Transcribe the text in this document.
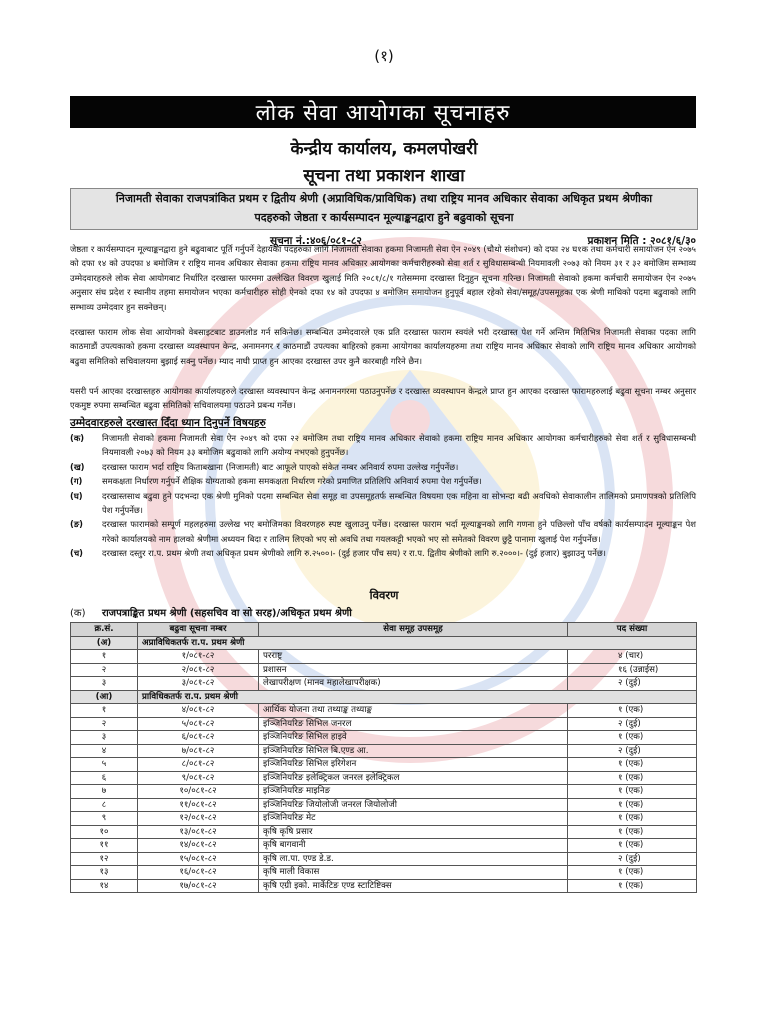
(१)
लोक सेवा आयोगका सूचनाहरु
केन्द्रीय कार्यालय, कमलपोखरी
सूचना तथा प्रकाशन शाखा
निजामती सेवाका राजपत्रांकित प्रथम र द्वितीय श्रेणी (अप्राविधिक/प्राविधिक) तथा राष्ट्रिय मानव अधिकार सेवाका अधिकृत प्रथम श्रेणीका
पदहरुको जेष्ठता र कार्यसम्पादन मूल्याङ्कनद्वारा हुने बढुवाको सूचना
सूचना नं.:४०६/०८१-८२	प्रकाशन मिति : २०८१/६/३०
जेष्ठता र कार्यसम्पादन मूल्याङ्कनद्वारा हुने बढुवाबाट पूर्ति गर्नुपर्ने देहायका पदहरुका लागि निजामती सेवाका हकमा निजामती सेवा ऐन २०४९ (चौथो संशोधन) को दफा २४ घ१क तथा कर्मचारी समायोजन ऐन २०७५ को दफा १४ को उपदफा ४ बमोजिम र राष्ट्रिय मानव अधिकार सेवाका हकमा राष्ट्रिय मानव अधिकार आयोगका कर्मचारीहरुको सेवा शर्त र सुविधासम्बन्धी नियमावली २०७३ को नियम ३१ र ३२ बमोजिम सम्भाव्य उम्मेदवारहरुले लोक सेवा आयोगबाट निर्धारित दरखास्त फारममा उल्लेखित विवरण खुलाई मिति २०८१/८/१ गतेसम्ममा दरखास्त दिनुहुन सूचना गरिन्छ। निजामती सेवाको हकमा कर्मचारी समायोजन ऐन २०७५ अनुसार संघ प्रदेश र स्थानीय तहमा समायोजन भएका कर्मचारीहरु सोही ऐनको दफा १४ को उपदफा ४ बमोजिम समायोजन हुनुपूर्व बहाल रहेको सेवा/समूह/उपसमूहका एक श्रेणी माथिको पदमा बढुवाको लागि सम्भाव्य उम्मेदवार हुन सक्नेछन्।
दरखास्त फाराम लोक सेवा आयोगको वेबसाइटबाट डाउनलोड गर्न सकिनेछ। सम्बन्धित उम्मेदवारले एक प्रति दरखास्त फाराम स्वयंले भरी दरखास्त पेश गर्ने अन्तिम मितिभित्र निजामती सेवाका पदका लागि काठमाडौं उपत्यकाको हकमा दरखास्त व्यवस्थापन केन्द्र, अनामनगर र काठमाडौं उपत्यका बाहिरको हकमा आयोगका कार्यालयहरुमा तथा राष्ट्रिय मानव अधिकार सेवाको लागि राष्ट्रिय मानव अधिकार आयोगको बढुवा समितिको सचिवालयमा बुझाई सक्नु पर्नेछ। म्याद नाघी प्राप्त हुन आएका दरखास्त उपर कुनै कारबाही गरिने छैन।
यसरी पर्न आएका दरखास्तहरु आयोगका कार्यालयहरुले दरखास्त व्यवस्थापन केन्द्र अनामनगरमा पठाउनुपर्नेछ र दरखास्त व्यवस्थापन केन्द्रले प्राप्त हुन आएका दरखास्त फारामहरुलाई बढुवा सूचना नम्बर अनुसार एकमुष्ट रुपमा सम्बन्धित बढुवा समितिको सचिवालयमा पठाउने प्रबन्ध गर्नेछ।
उम्मेदवारहरुले दरखास्त दिँदा ध्यान दिनुपर्ने विषयहरु
(क)	निजामती सेवाको हकमा निजामती सेवा ऐन २०४९ को दफा २२ बमोजिम तथा राष्ट्रिय मानव अधिकार सेवाको हकमा राष्ट्रिय मानव अधिकार आयोगका कर्मचारीहरुको सेवा शर्त र सुविधासम्बन्धी नियमावली २०७३ को नियम ३३ बमोजिम बढुवाको लागि अयोग्य नभएको हुनुपर्नेछ।
(ख)	दरखास्त फाराम भर्दा राष्ट्रिय किताबखाना (निजामती) बाट आफूले पाएको संकेत नम्बर अनिवार्य रुपमा उल्लेख गर्नुपर्नेछ।
(ग)	समकक्षता निर्धारण गर्नुपर्ने शैक्षिक योग्यताको हकमा समकक्षता निर्धारण गरेको प्रमाणित प्रतिलिपि अनिवार्य रुपमा पेश गर्नुपर्नेछ।
(घ)	दरखास्तसाथ बढुवा हुने पदभन्दा एक श्रेणी मुनिको पदमा सम्बन्धित सेवा समूह वा उपसमूहतर्फ सम्बन्धित विषयमा एक महिना वा सोभन्दा बढी अवधिको सेवाकालीन तालिमको प्रमाणपत्रको प्रतिलिपि पेश गर्नुपर्नेछ।
(ङ)	दरखास्त फारामको सम्पूर्ण महलहरुमा उल्लेख भए बमोजिमका विवरणहरु स्पष्ट खुलाउनु पर्नेछ। दरखास्त फाराम भर्दा मूल्याङ्कनको लागि गणना हुने पछिल्लो पाँच वर्षको कार्यसम्पादन मूल्याङ्कन पेश गरेको कार्यालयको नाम हालको श्रेणीमा अध्ययन बिदा र तालिम लिएको भए सो अवधि तथा गयलकट्टी भएको भए सो समेतको विवरण छुट्टै पानामा खुलाई पेश गर्नुपर्नेछ।
(च)	दरखास्त दस्तुर रा.प. प्रथम श्रेणी तथा अधिकृत प्रथम श्रेणीको लागि रु.२५००।- (दुई हजार पाँच सय) र रा.प. द्वितीय श्रेणीको लागि रु.२०००।- (दुई हजार) बुझाउनु पर्नेछ।
विवरण
(क) राजपत्राङ्कित प्रथम श्रेणी (सहसचिव वा सो सरह)/अधिकृत प्रथम श्रेणी
क्र.सं.	बढुवा सूचना नम्बर	सेवा समूह उपसमूह	पद संख्या
(अ)	अप्राविधिकतर्फ रा.प. प्रथम श्रेणी		
१	१/०८१-८२	परराष्ट्र	४ (चार)
२	२/०८१-८२	प्रशासन	१६ (उन्नाईस)
३	३/०८१-८२	लेखापरीक्षण (मानव महालेखापरीक्षक)	२ (दुई)
(आ)	प्राविधिकतर्फ रा.प. प्रथम श्रेणी		
१	४/०८१-८२	आर्थिक योजना तथा तथ्याङ्क तथ्याङ्क	१ (एक)
२	५/०८१-८२	इञ्जिनियरिङ सिभिल जनरल	२ (दुई)
३	६/०८१-८२	इञ्जिनियरिङ सिभिल हाइवे	१ (एक)
४	७/०८१-८२	इञ्जिनियरिङ सिभिल बि.एण्ड आ.	२ (दुई)
५	८/०८१-८२	इञ्जिनियरिङ सिभिल इरिगेशन	१ (एक)
६	९/०८१-८२	इञ्जिनियरिङ इलेक्ट्रिकल जनरल इलेक्ट्रिकल	१ (एक)
७	१०/०८१-८२	इञ्जिनियरिङ माइनिङ	१ (एक)
८	११/०८१-८२	इञ्जिनियरिङ जियोलोजी जनरल जियोलोजी	१ (एक)
९	१२/०८१-८२	इञ्जिनियरिङ मेट	१ (एक)
१०	१३/०८१-८२	कृषि कृषि प्रसार	१ (एक)
११	१४/०८१-८२	कृषि बागवानी	१ (एक)
१२	१५/०८१-८२	कृषि ला.पा. एण्ड डे.ड.	२ (दुई)
१३	१६/०८१-८२	कृषि माली विकास	१ (एक)
१४	१७/०८१-८२	कृषि एग्री इको. मार्केटिङ एण्ड स्टाटिष्टिक्स	१ (एक)
